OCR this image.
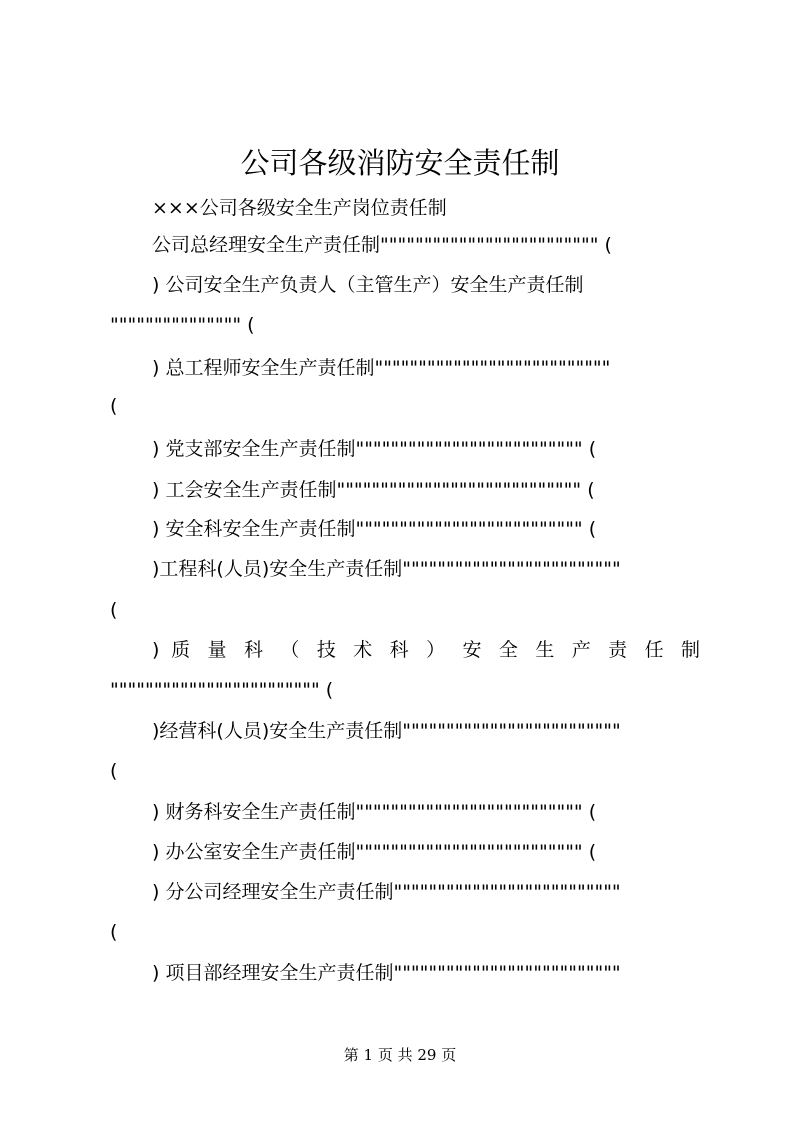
公司各级消防安全责任制
×××公司各级安全生产岗位责任制
公司总经理安全生产责任制""""""""""""""""""""""""" (
) 公司安全生产负责人（主管生产）安全生产责任制
""""""""""""""" (
) 总工程师安全生产责任制"""""""""""""""""""""""""""
(
) 党支部安全生产责任制"""""""""""""""""""""""""" (
) 工会安全生产责任制"""""""""""""""""""""""""""" (
) 安全科安全生产责任制"""""""""""""""""""""""""" (
)工程科(人员)安全生产责任制"""""""""""""""""""""""""
(
) 质 量 科 （ 技 术 科 ） 安 全 生 产 责 任 制
"""""""""""""""""""""""" (
)经营科(人员)安全生产责任制"""""""""""""""""""""""""
(
) 财务科安全生产责任制"""""""""""""""""""""""""" (
) 办公室安全生产责任制"""""""""""""""""""""""""" (
) 分公司经理安全生产责任制""""""""""""""""""""""""""
(
) 项目部经理安全生产责任制""""""""""""""""""""""""""
第 1 页 共 29 页
